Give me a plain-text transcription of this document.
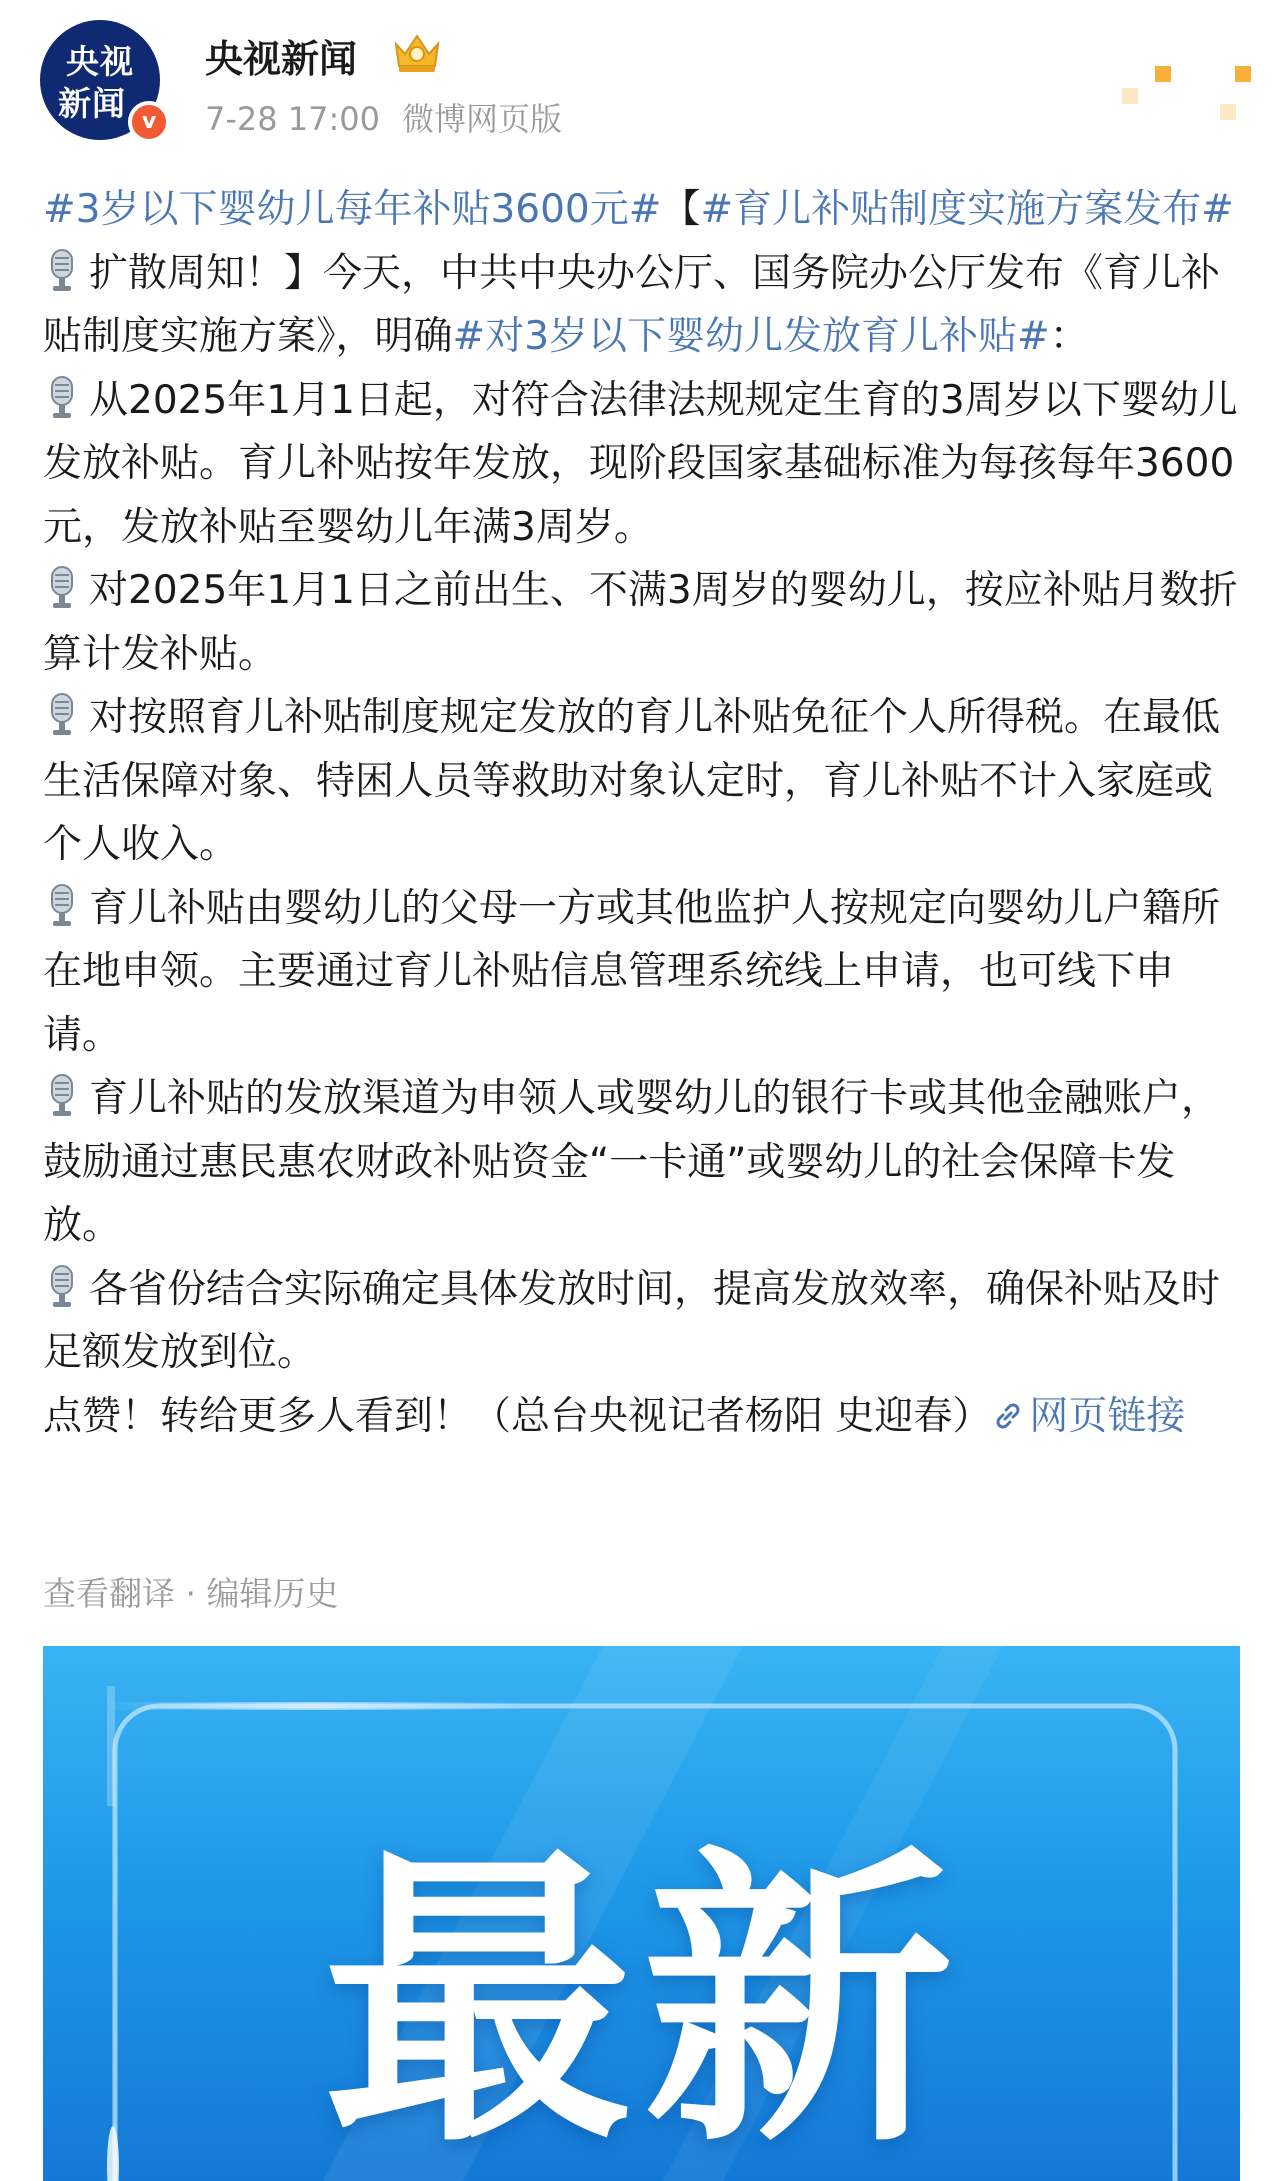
央视
新闻 v
央视新闻
7-28 17:00 微博网页版

#3岁以下婴幼儿每年补贴3600元#【#育儿补贴制度实施方案发布#扩散周知！】今天，中共中央办公厅、国务院办公厅发布《育儿补贴制度实施方案》，明确#对3岁以下婴幼儿发放育儿补贴#：

从2025年1月1日起，对符合法律法规规定生育的3周岁以下婴幼儿发放补贴。育儿补贴按年发放，现阶段国家基础标准为每孩每年3600元，发放补贴至婴幼儿年满3周岁。

对2025年1月1日之前出生、不满3周岁的婴幼儿，按应补贴月数折算计发补贴。

对按照育儿补贴制度规定发放的育儿补贴免征个人所得税。在最低生活保障对象、特困人员等救助对象认定时，育儿补贴不计入家庭或个人收入。

育儿补贴由婴幼儿的父母一方或其他监护人按规定向婴幼儿户籍所在地申领。主要通过育儿补贴信息管理系统线上申请，也可线下申请。

育儿补贴的发放渠道为申领人或婴幼儿的银行卡或其他金融账户，鼓励通过惠民惠农财政补贴资金“一卡通”或婴幼儿的社会保障卡发放。

各省份结合实际确定具体发放时间，提高发放效率，确保补贴及时足额发放到位。

点赞！转给更多人看到！（总台央视记者杨阳 史迎春） 网页链接

查看翻译 · 编辑历史
最新
